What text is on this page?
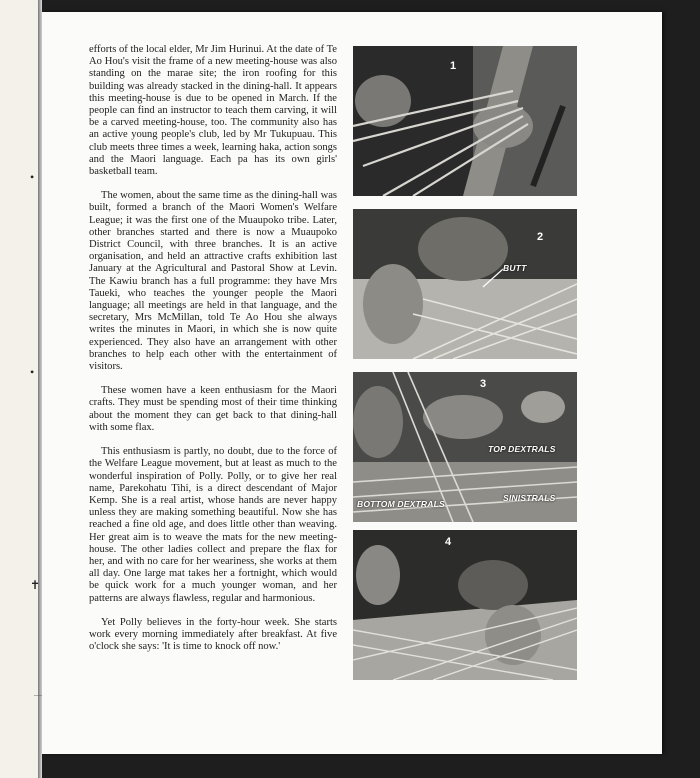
•
•
✝

efforts of the local elder, Mr Jim Hurinui. At the date of Te Ao Hou's visit the frame of a new meeting-house was also standing on the marae site; the iron roofing for this building was already stacked in the dining-hall. It appears this meeting-house is due to be opened in March. If the people can find an instructor to teach them carving, it will be a carved meeting-house, too. The community also has an active young people's club, led by Mr Tukupuau. This club meets three times a week, learning haka, action songs and the Maori language. Each pa has its own girls' basketball team.

The women, about the same time as the dining-hall was built, formed a branch of the Maori Women's Welfare League; it was the first one of the Muaupoko tribe. Later, other branches started and there is now a Muaupoko District Council, with three branches. It is an active organisation, and held an attractive crafts exhibition last January at the Agricultural and Pastoral Show at Levin. The Kawiu branch has a full programme: they have Mrs Taueki, who teaches the younger people the Maori language; all meetings are held in that language, and the secretary, Mrs McMillan, told Te Ao Hou she always writes the minutes in Maori, in which she is now quite experienced. They also have an arrangement with other branches to help each other with the entertainment of visitors.

These women have a keen enthusiasm for the Maori crafts. They must be spending most of their time thinking about the moment they can get back to that dining-hall with some flax.

This enthusiasm is partly, no doubt, due to the force of the Welfare League movement, but at least as much to the wonderful inspiration of Polly. Polly, or to give her real name, Parekohatu Tihi, is a direct descendant of Major Kemp. She is a real artist, whose hands are never happy unless they are making something beautiful. Now she has reached a fine old age, and does little other than weaving. Her great aim is to weave the mats for the new meeting-house. The other ladies collect and prepare the flax for her, and with no care for her weariness, she works at them all day. One large mat takes her a fortnight, which would be quick work for a much younger woman, and her patterns are always flawless, regular and harmonious.

Yet Polly believes in the forty-hour week. She starts work every morning immediately after breakfast. At five o'clock she says: 'It is time to knock off now.'

1
2
BUTT
3
TOP DEXTRALS
BOTTOM DEXTRALS
SINISTRALS
4
—
